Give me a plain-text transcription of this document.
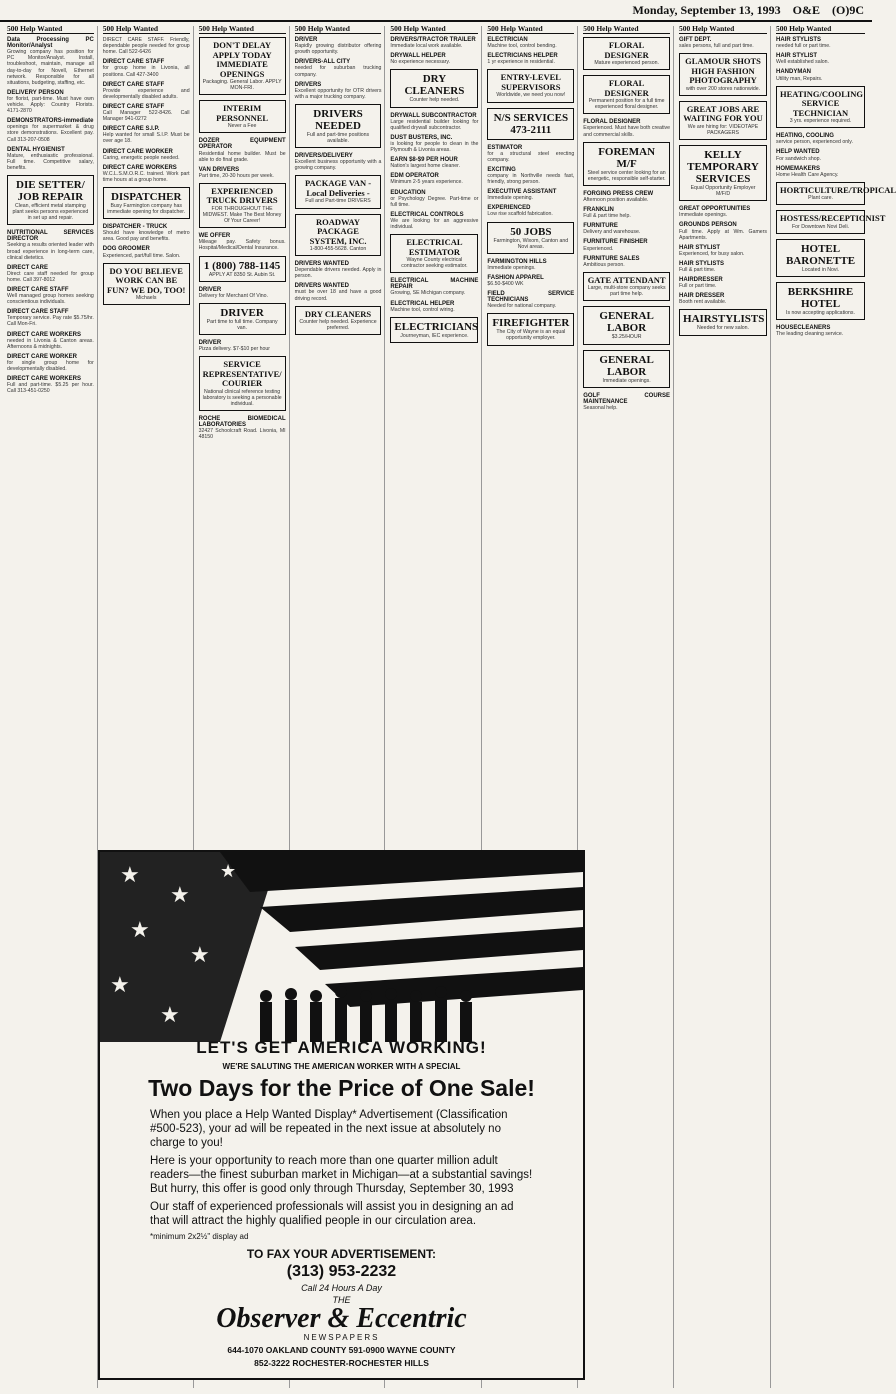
Monday, September 13, 1993 O&E (O)9C
500 Help Wanted
Data Processing PC Monitor/Analyst
Growing company has position for PC Monitor/Analyst. Install, troubleshoot, maintain, manage all day-to-day for Novell, Ethernet network. Responsible for all situations, budgeting, staffing, etc.
DELIVERY PERSON
for florist, part-time. Must have own vehicle. Apply: Country Florists. 4171-2870
DEMONSTRATORS-immediate
openings for supermarket & drug store demonstrations. Excellent pay. Call 313-207-0508
DENTAL HYGIENIST
Mature, enthusiastic professional. Full time. Competitive salary, benefits.
DIE SETTER/ JOB REPAIR
Clean, efficient metal stamping plant seeks persons experienced in set up and repair.
NUTRITIONAL SERVICES DIRECTOR
Seeking a results oriented leader with broad experience in long-term care, clinical dietetics.
DIRECT CARE
Direct care staff needed for group home. Call 397-8012
DIRECT CARE STAFF
Well managed group homes seeking conscientious individuals.
DIRECT CARE STAFF
Temporary service. Pay rate $5.75/hr. Call Mon-Fri.
DIRECT CARE WORKERS
needed in Livonia & Canton areas. Afternoons & midnights.
DIRECT CARE WORKER
for single group home for developmentally disabled.
DIRECT CARE WORKERS
Full and part-time. $5.25 per hour. Call 313-451-0250
500 Help Wanted
DIRECT CARE STAFF. Friendly, dependable people needed for group home. Call 522-6426
DIRECT CARE STAFF
for group home in Livonia, all positions. Call 427-3400
DIRECT CARE STAFF
Provide experience and developmentally disabled adults.
DIRECT CARE STAFF
Call Manager 522-8426. Call Manager 941-0272
DIRECT CARE S.I.P.
Help wanted for small S.I.P. Must be over age 18.
DIRECT CARE WORKER
Caring, energetic people needed.
DIRECT CARE WORKERS
W.C.L.S.M.O.R.C. trained. Work part time hours at a group home.
DISPATCHER
Busy Farmington company has immediate opening for dispatcher.
DISPATCHER - TRUCK
Should have knowledge of metro area. Good pay and benefits.
DOG GROOMER
Experienced, part/full time. Salon.
DO YOU BELIEVE WORK CAN BE FUN? WE DO, TOO!
Michaels
500 Help Wanted
DON'T DELAY APPLY TODAY IMMEDIATE OPENINGS
Packaging. General Labor. APPLY MON-FRI.
INTERIM PERSONNEL
Never a Fee
DOZER EQUIPMENT OPERATOR
Residential home builder. Must be able to do final grade.
VAN DRIVERS
Part time, 20-30 hours per week.
EXPERIENCED TRUCK DRIVERS
FOR THROUGHOUT THE MIDWEST. Make The Best Money Of Your Career!
WE OFFER
Mileage pay. Safety bonus. Hospital/Medical/Dental Insurance.
1 (800) 788-1145
APPLY AT 8350 St. Aubin St.
DRIVER
Delivery for Merchant Of Vino.
DRIVER
Part time to full time. Company van.
DRIVER
Pizza delivery. $7-$10 per hour
SERVICE REPRESENTATIVE/ COURIER
National clinical reference testing laboratory is seeking a personable individual.
ROCHE BIOMEDICAL LABORATORIES
32427 Schoolcraft Road. Livonia, MI 48150
500 Help Wanted
DRIVER
Rapidly growing distributor offering growth opportunity.
DRIVERS-ALL CITY
needed for suburban trucking company.
DRIVERS
Excellent opportunity for OTR drivers with a major trucking company.
DRIVERS NEEDED
Full and part-time positions available.
DRIVERS/DELIVERY
Excellent business opportunity with a growing company.
PACKAGE VAN - Local Deliveries -
Full and Part-time DRIVERS
ROADWAY PACKAGE SYSTEM, INC.
1-800-455-5628. Canton
DRIVERS WANTED
Dependable drivers needed. Apply in person.
DRIVERS WANTED
must be over 18 and have a good driving record.
DRY CLEANERS
Counter help needed. Experience preferred.
500 Help Wanted
DRIVERS/TRACTOR TRAILER
Immediate local work available.
DRYWALL HELPER
No experience necessary.
DRY CLEANERS
Counter help needed.
DRYWALL SUBCONTRACTOR
Large residential builder looking for qualified drywall subcontractor.
DUST BUSTERS, INC.
is looking for people to clean in the Plymouth & Livonia areas.
EARN $8-$9 PER HOUR
Nation's largest home cleaner.
EDM OPERATOR
Minimum 2-5 years experience.
EDUCATION
or Psychology Degree. Part-time or full time.
ELECTRICAL CONTROLS
We are looking for an aggressive individual.
ELECTRICAL ESTIMATOR
Wayne County electrical contractor seeking estimator.
ELECTRICAL MACHINE REPAIR
Growing, SE Michigan company.
ELECTRICAL HELPER
Machine tool, control wiring.
ELECTRICIANS
Journeyman, IEC experience.
500 Help Wanted
ELECTRICIAN
Machine tool, control bending.
ELECTRICIANS HELPER
1 yr experience in residential.
ENTRY-LEVEL SUPERVISORS
Worldwide, we need you now!
N/S SERVICES 473-2111
ESTIMATOR
for a structural steel erecting company.
EXCITING
company in Northville needs fast, friendly, strong person.
EXECUTIVE ASSISTANT
Immediate opening.
EXPERIENCED
Low rise scaffold fabrication.
50 JOBS
Farmington, Wixom, Canton and Novi areas.
FARMINGTON HILLS
Immediate openings.
FASHION APPAREL
$6.50-$400 WK
FIELD SERVICE TECHNICIANS
Needed for national company.
FIREFIGHTER
The City of Wayne is an equal opportunity employer.
500 Help Wanted
FLORAL DESIGNER
Mature experienced person.
FLORAL DESIGNER
Permanent position for a full time experienced floral designer.
FLORAL DESIGNER
Experienced. Must have both creative and commercial skills.
FOREMAN M/F
Steel service center looking for an energetic, responsible self-starter.
FORGING PRESS CREW
Afternoon position available.
FRANKLIN
Full & part time help.
FURNITURE
Delivery and warehouse.
FURNITURE FINISHER
Experienced.
FURNITURE SALES
Ambitious person.
GATE ATTENDANT
Large, multi-store company seeks part time help.
GENERAL LABOR
$3.25/HOUR
GENERAL LABOR
Immediate openings.
GOLF COURSE MAINTENANCE
Seasonal help.
500 Help Wanted
GIFT DEPT.
sales persons, full and part time.
GLAMOUR SHOTS HIGH FASHION PHOTOGRAPHY
with over 200 stores nationwide.
GREAT JOBS ARE WAITING FOR YOU
We are hiring for: VIDEOTAPE PACKAGERS
KELLY TEMPORARY SERVICES
Equal Opportunity Employer M/F/D
GREAT OPPORTUNITIES
Immediate openings.
GROUNDS PERSON
Full time. Apply at Wm. Gamers Apartments.
HAIR STYLIST
Experienced, for busy salon.
HAIR STYLISTS
Full & part time.
HAIRDRESSER
Full or part time.
HAIR DRESSER
Booth rent available.
HAIRSTYLISTS
Needed for new salon.
500 Help Wanted
HAIR STYLISTS
needed full or part time.
HAIR STYLIST
Well established salon.
HANDYMAN
Utility man, Repairs.
HEATING/COOLING SERVICE TECHNICIAN
3 yrs. experience required.
HEATING, COOLING
service person, experienced only.
HELP WANTED
For sandwich shop.
HOMEMAKERS
Home Health Care Agency.
HORTICULTURE/TROPICAL
Plant care.
HOSTESS/RECEPTIONIST
For Downtown Novi Deli.
HOTEL BARONETTE
Located in Novi.
BERKSHIRE HOTEL
Is now accepting applications.
HOUSECLEANERS
The leading cleaning service.
★
★
★
★
★
★
★
LET'S GET AMERICA WORKING!
WE'RE SALUTING THE AMERICAN WORKER WITH A SPECIAL
Two Days for the Price of One Sale!
When you place a Help Wanted Display* Advertisement (Classification #500-523), your ad will be repeated in the next issue at absolutely no charge to you!
Here is your opportunity to reach more than one quarter million adult readers—the finest suburban market in Michigan—at a substantial savings! But hurry, this offer is good only through Thursday, September 30, 1993
Our staff of experienced professionals will assist you in designing an ad that will attract the highly qualified people in our circulation area.
*minimum 2x2½" display ad
TO FAX YOUR ADVERTISEMENT:
(313) 953-2232
Call 24 Hours A Day
THE
Observer & Eccentric
NEWSPAPERS
644-1070 OAKLAND COUNTY 591-0900 WAYNE COUNTY
852-3222 ROCHESTER-ROCHESTER HILLS
